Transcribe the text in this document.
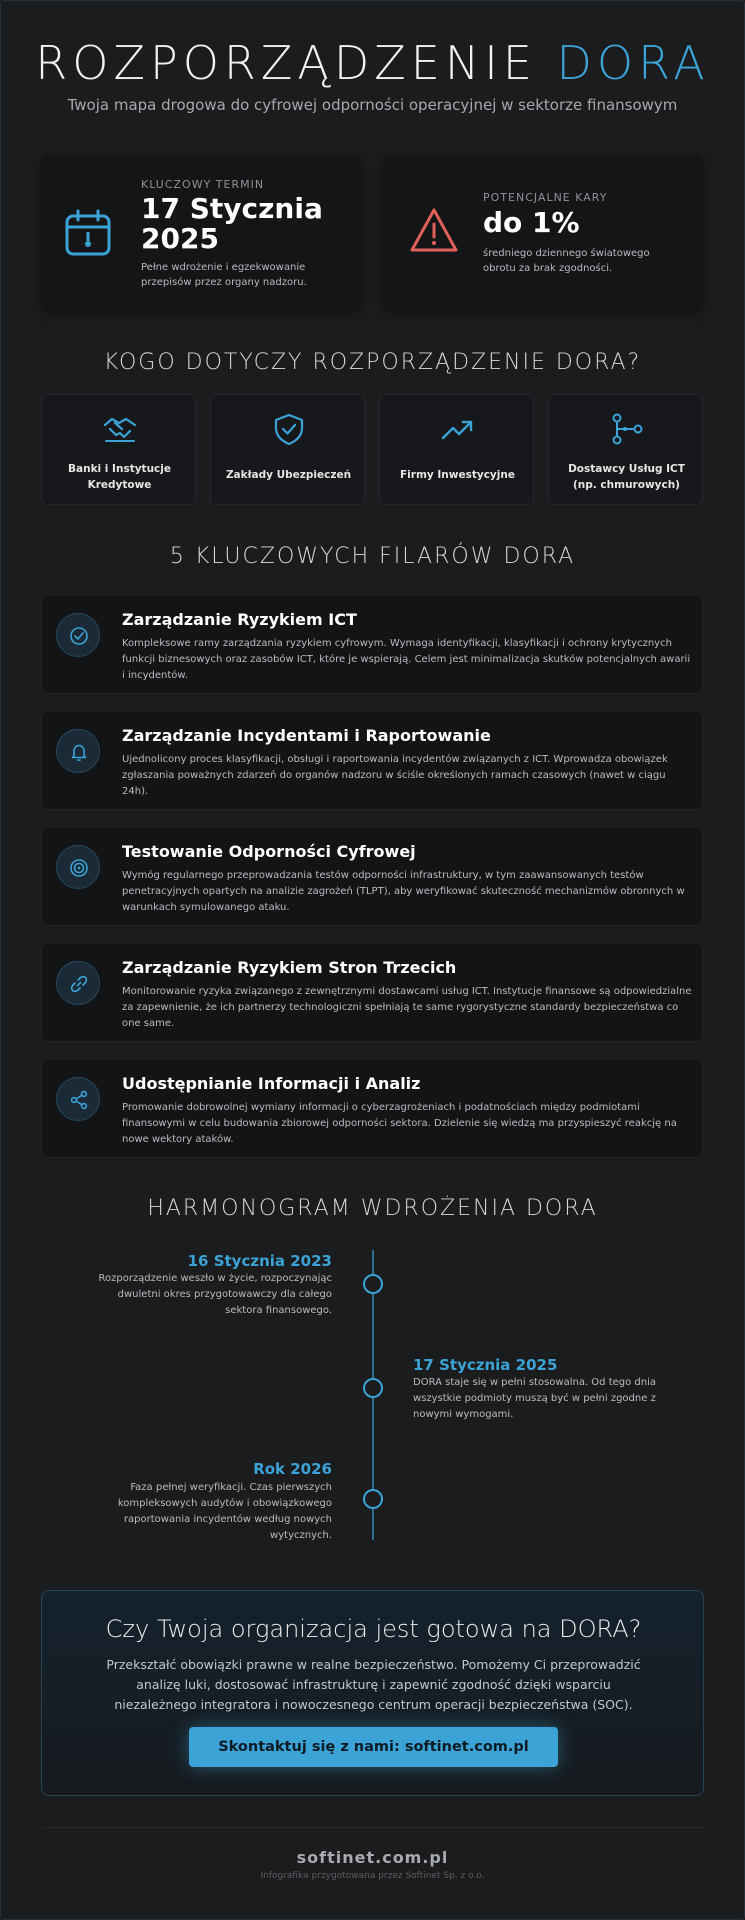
ROZPORZĄDZENIE DORA
Twoja mapa drogowa do cyfrowej odporności operacyjnej w sektorze finansowym
KLUCZOWY TERMIN
17 Stycznia 2025
Pełne wdrożenie i egzekwowanie przepisów przez organy nadzoru.
POTENCJALNE KARY
do 1%
średniego dziennego światowego obrotu za brak zgodności.
KOGO DOTYCZY ROZPORZĄDZENIE DORA?
Banki i Instytucje Kredytowe
Zakłady Ubezpieczeń	Firmy Inwestycyjne	Dostawcy Usług ICT (np. chmurowych)
5 KLUCZOWYCH FILARÓW DORA
Zarządzanie Ryzykiem ICT
Kompleksowe ramy zarządzania ryzykiem cyfrowym. Wymaga identyfikacji, klasyfikacji i ochrony krytycznych funkcji biznesowych oraz zasobów ICT, które je wspierają. Celem jest minimalizacja skutków potencjalnych awarii i incydentów.
Zarządzanie Incydentami i Raportowanie
Ujednolicony proces klasyfikacji, obsługi i raportowania incydentów związanych z ICT. Wprowadza obowiązek zgłaszania poważnych zdarzeń do organów nadzoru w ściśle określonych ramach czasowych (nawet w ciągu 24h).
Testowanie Odporności Cyfrowej
Wymóg regularnego przeprowadzania testów odporności infrastruktury, w tym zaawansowanych testów penetracyjnych opartych na analizie zagrożeń (TLPT), aby weryfikować skuteczność mechanizmów obronnych w warunkach symulowanego ataku.
Zarządzanie Ryzykiem Stron Trzecich
Monitorowanie ryzyka związanego z zewnętrznymi dostawcami usług ICT. Instytucje finansowe są odpowiedzialne za zapewnienie, że ich partnerzy technologiczni spełniają te same rygorystyczne standardy bezpieczeństwa co one same.
Udostępnianie Informacji i Analiz
Promowanie dobrowolnej wymiany informacji o cyberzagrożeniach i podatnościach między podmiotami finansowymi w celu budowania zbiorowej odporności sektora. Dzielenie się wiedzą ma przyspieszyć reakcję na nowe wektory ataków.
HARMONOGRAM WDROŻENIA DORA
16 Stycznia 2023
Rozporządzenie weszło w życie, rozpoczynając dwuletni okres przygotowawczy dla całego sektora finansowego.
17 Stycznia 2025
DORA staje się w pełni stosowalna. Od tego dnia wszystkie podmioty muszą być w pełni zgodne z nowymi wymogami.
Rok 2026
Faza pełnej weryfikacji. Czas pierwszych kompleksowych audytów i obowiązkowego raportowania incydentów według nowych wytycznych.
Czy Twoja organizacja jest gotowa na DORA?
Przekształć obowiązki prawne w realne bezpieczeństwo. Pomożemy Ci przeprowadzić analizę luki, dostosować infrastrukturę i zapewnić zgodność dzięki wsparciu niezależnego integratora i nowoczesnego centrum operacji bezpieczeństwa (SOC).
Skontaktuj się z nami: softinet.com.pl
softinet.com.pl
Infografika przygotowana przez Softinet Sp. z o.o.
